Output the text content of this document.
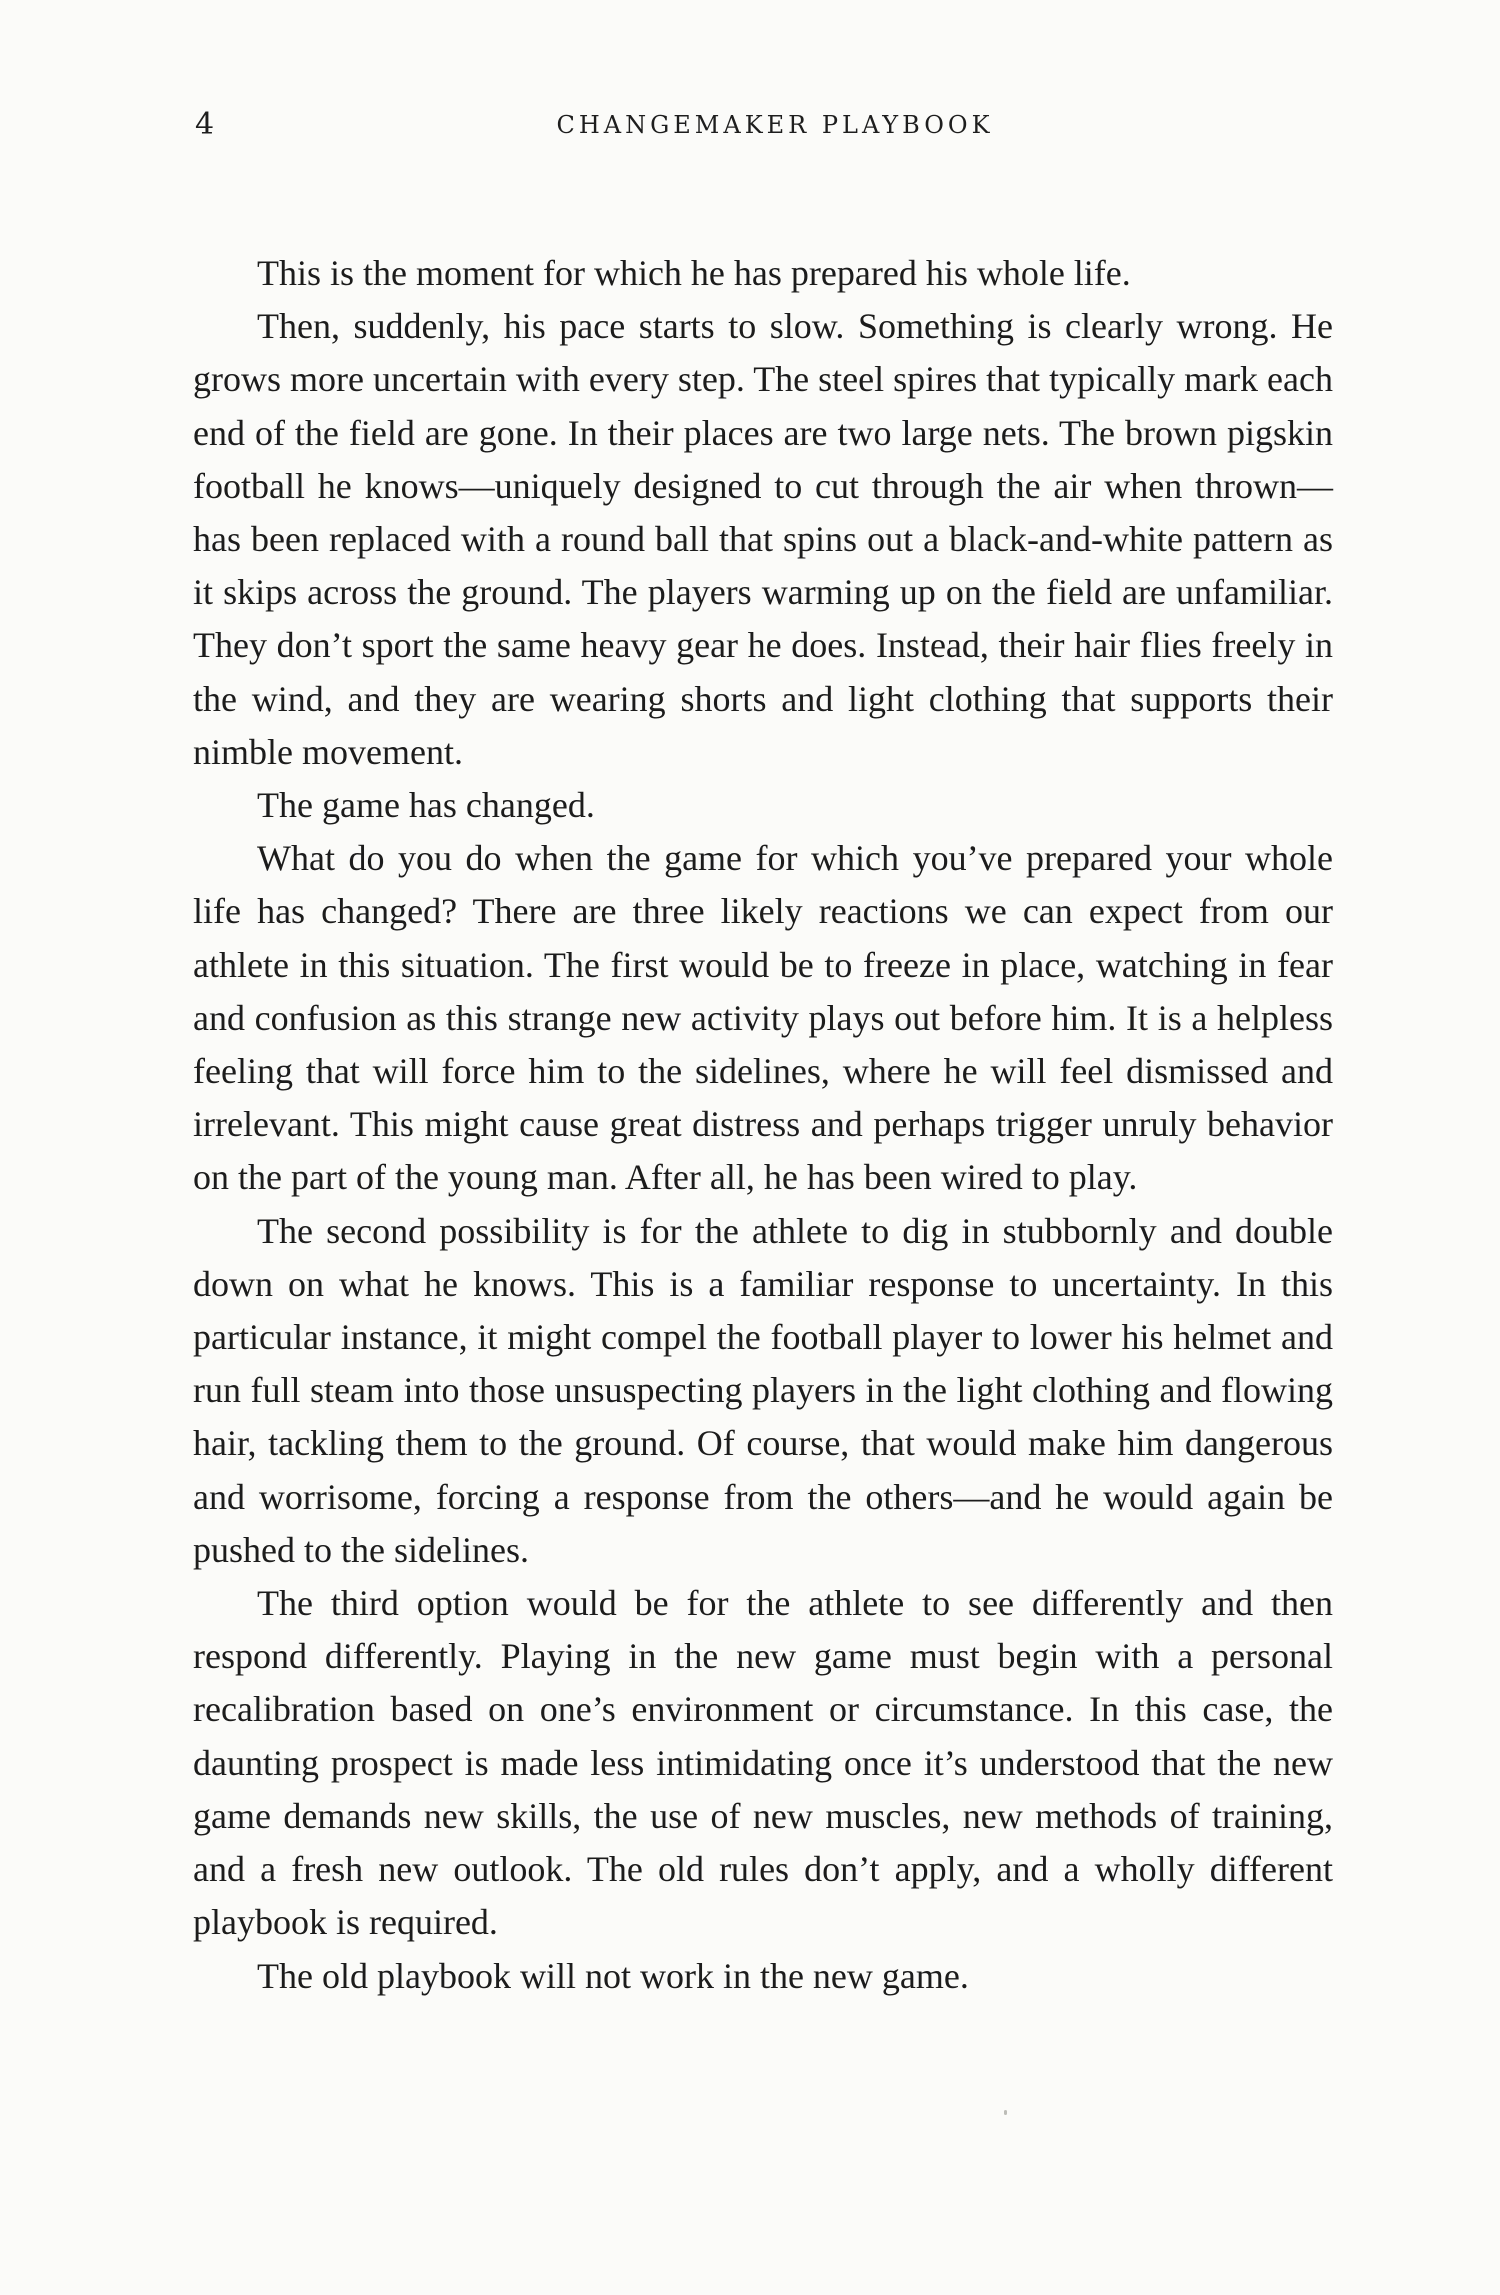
4	CHANGEMAKER PLAYBOOK

This is the moment for which he has prepared his whole life.

Then, suddenly, his pace starts to slow. Something is clearly wrong. He grows more uncertain with every step. The steel spires that typically mark each end of the field are gone. In their places are two large nets. The brown pigskin football he knows—uniquely designed to cut through the air when thrown—has been replaced with a round ball that spins out a black-and-white pattern as it skips across the ground. The players warming up on the field are unfamiliar. They don’t sport the same heavy gear he does. Instead, their hair flies freely in the wind, and they are wearing shorts and light clothing that supports their nimble movement.

The game has changed.

What do you do when the game for which you’ve prepared your whole life has changed? There are three likely reactions we can expect from our athlete in this situation. The first would be to freeze in place, watching in fear and confusion as this strange new activity plays out before him. It is a helpless feeling that will force him to the sidelines, where he will feel dismissed and irrelevant. This might cause great distress and perhaps trigger unruly behavior on the part of the young man. After all, he has been wired to play.

The second possibility is for the athlete to dig in stubbornly and double down on what he knows. This is a familiar response to uncertainty. In this particular instance, it might compel the football player to lower his helmet and run full steam into those unsuspecting players in the light clothing and flowing hair, tackling them to the ground. Of course, that would make him dangerous and worrisome, forcing a response from the others—and he would again be pushed to the sidelines.

The third option would be for the athlete to see differently and then respond differently. Playing in the new game must begin with a personal recalibration based on one’s environment or circumstance. In this case, the daunting prospect is made less intimidating once it’s understood that the new game demands new skills, the use of new muscles, new methods of training, and a fresh new outlook. The old rules don’t apply, and a wholly different playbook is required.

The old playbook will not work in the new game.
